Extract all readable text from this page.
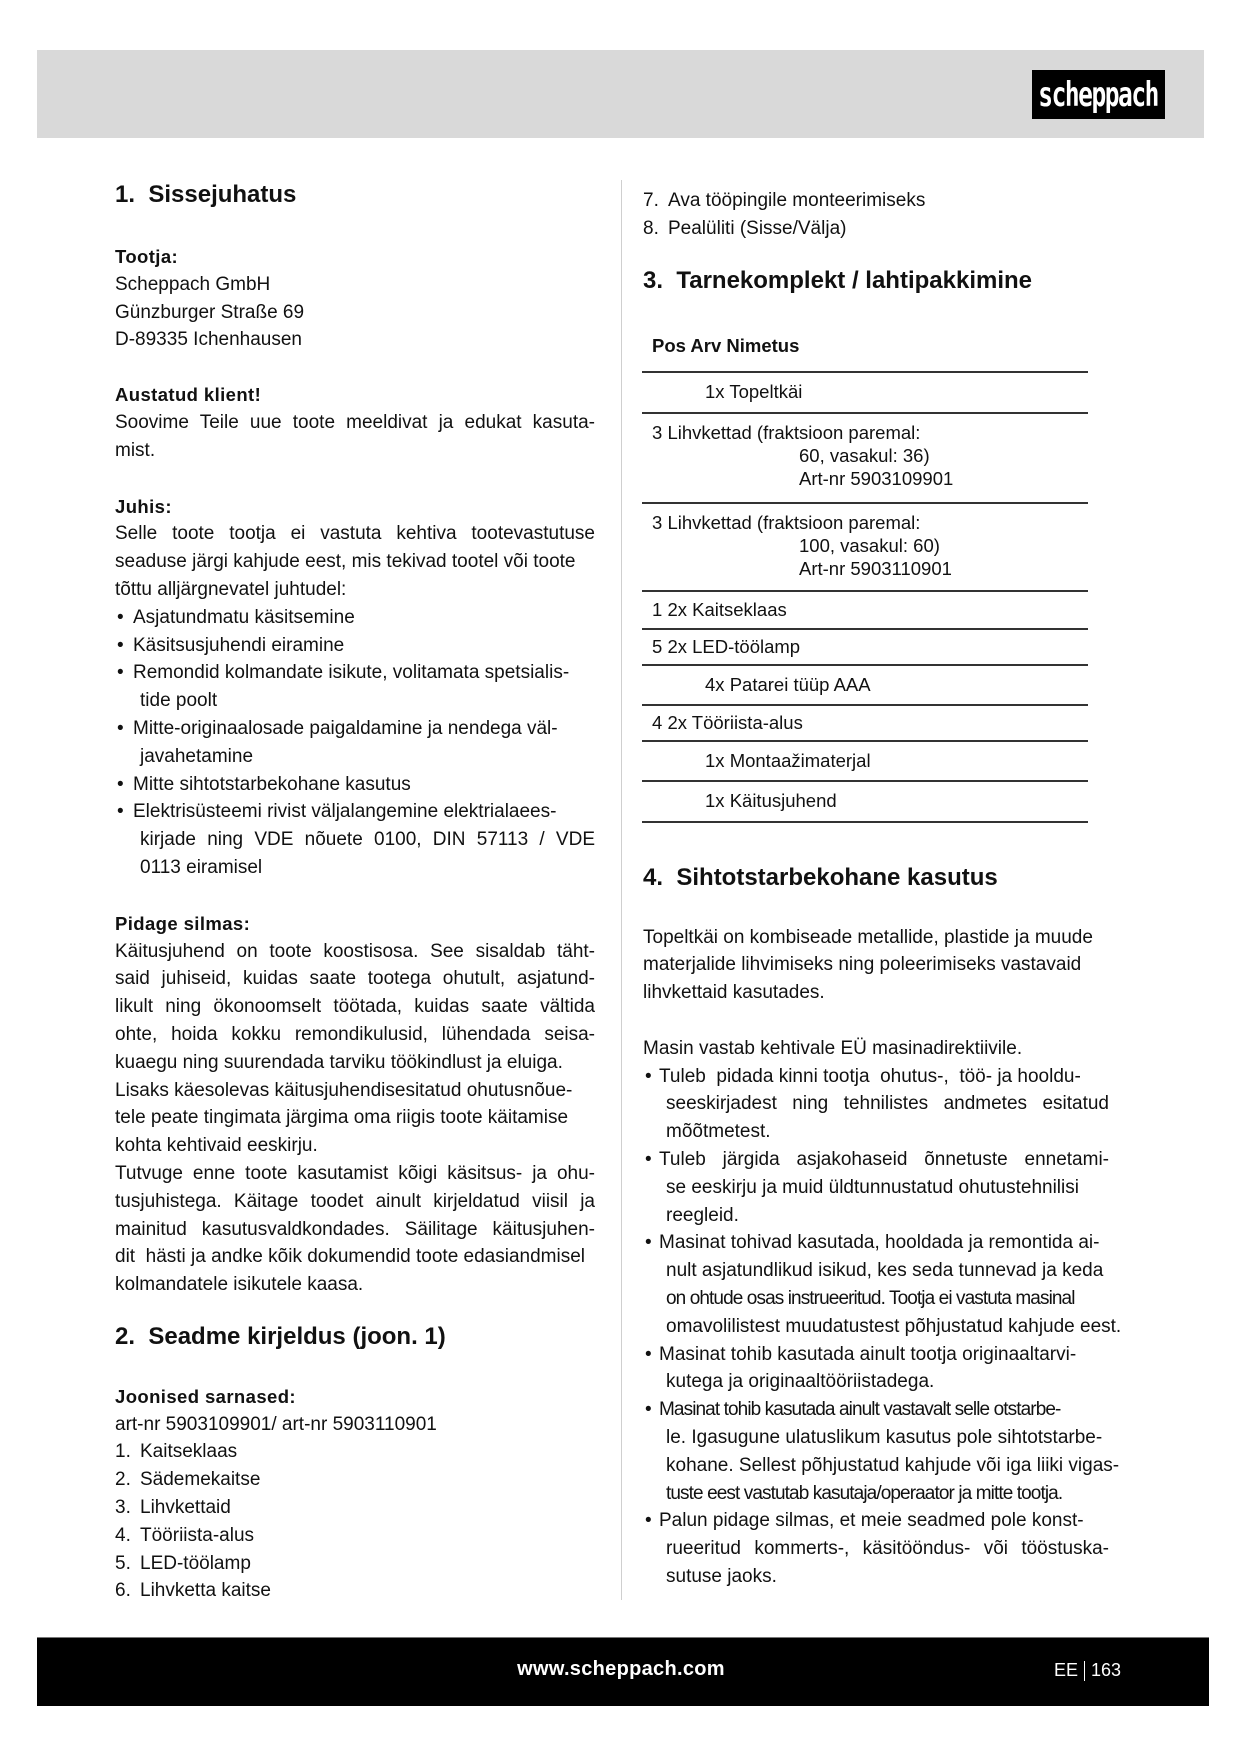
scheppach
1.  Sissejuhatus
Tootja:
Scheppach GmbH
Günzburger Straße 69
D-89335 Ichenhausen
Austatud klient!
Soovime Teile uue toote meeldivat ja edukat kasuta-
mist.
Juhis:
Selle toote tootja ei vastuta kehtiva tootevastutuse
seaduse järgi kahjude eest, mis tekivad tootel või toote
tõttu alljärgnevatel juhtudel:
• Asjatundmatu käsitsemine
• Käsitsusjuhendi eiramine
• Remondid kolmandate isikute, volitamata spetsialis-
tide poolt
• Mitte-originaalosade paigaldamine ja nendega väl-
javahetamine
• Mitte sihtotstarbekohane kasutus
• Elektrisüsteemi rivist väljalangemine elektrialaees-
kirjade ning VDE nõuete 0100, DIN 57113 / VDE
0113 eiramisel
Pidage silmas:
Käitusjuhend on toote koostisosa. See sisaldab täht-
said juhiseid, kuidas saate tootega ohutult, asjatund-
likult ning ökonoomselt töötada, kuidas saate vältida
ohte, hoida kokku remondikulusid, lühendada seisa-
kuaegu ning suurendada tarviku töökindlust ja eluiga.
Lisaks käesolevas käitusjuhendisesitatud ohutusnõue-
tele peate tingimata järgima oma riigis toote käitamise
kohta kehtivaid eeskirju.
Tutvuge enne toote kasutamist kõigi käsitsus- ja ohu-
tusjuhistega. Käitage toodet ainult kirjeldatud viisil ja
mainitud kasutusvaldkondades. Säilitage käitusjuhen-
dit  hästi ja andke kõik dokumendid toote edasiandmisel
kolmandatele isikutele kaasa.
2.  Seadme kirjeldus (joon. 1)
Joonised sarnased:
art-nr 5903109901/ art-nr 5903110901
1. Kaitseklaas
2. Sädemekaitse
3. Lihvkettaid
4. Tööriista-alus
5. LED-töölamp
6. Lihvketta kaitse
7. Ava tööpingile monteerimiseks
8. Pealüliti (Sisse/Välja)
3.  Tarnekomplekt / lahtipakkimine
Pos Arv Nimetus
1x Topeltkäi
3 Lihvkettad (fraktsioon paremal:
60, vasakul: 36)
Art-nr 5903109901

3 Lihvkettad (fraktsioon paremal:
100, vasakul: 60)
Art-nr 5903110901

1 2x Kaitseklaas
5 2x LED-töölamp
4x Patarei tüüp AAA
4 2x Tööriista-alus
1x Montaažimaterjal
1x Käitusjuhend
4.  Sihtotstarbekohane kasutus
Topeltkäi on kombiseade metallide, plastide ja muude
materjalide lihvimiseks ning poleerimiseks vastavaid
lihvkettaid kasutades.
Masin vastab kehtivale EÜ masinadirektiivile.
• Tuleb  pidada kinni tootja  ohutus-,  töö- ja hooldu-
seeskirjadest ning tehnilistes andmetes esitatud
mõõtmetest.
• Tuleb järgida asjakohaseid õnnetuste ennetami-
se eeskirju ja muid üldtunnustatud ohutustehnilisi
reegleid.
• Masinat tohivad kasutada, hooldada ja remontida ai-
nult asjatundlikud isikud, kes seda tunnevad ja keda
on ohtude osas instrueeritud. Tootja ei vastuta masinal
omavolilistest muudatustest põhjustatud kahjude eest.
• Masinat tohib kasutada ainult tootja originaaltarvi-
kutega ja originaaltööriistadega.
• Masinat tohib kasutada ainult vastavalt selle otstarbe-
le. Igasugune ulatuslikum kasutus pole sihtotstarbe-
kohane. Sellest põhjustatud kahjude või iga liiki vigas-
tuste eest vastutab kasutaja/operaator ja mitte tootja.
• Palun pidage silmas, et meie seadmed pole konst-
rueeritud kommerts-, käsitööndus- või tööstuska-
sutuse jaoks.
www.scheppach.com	EE 163
